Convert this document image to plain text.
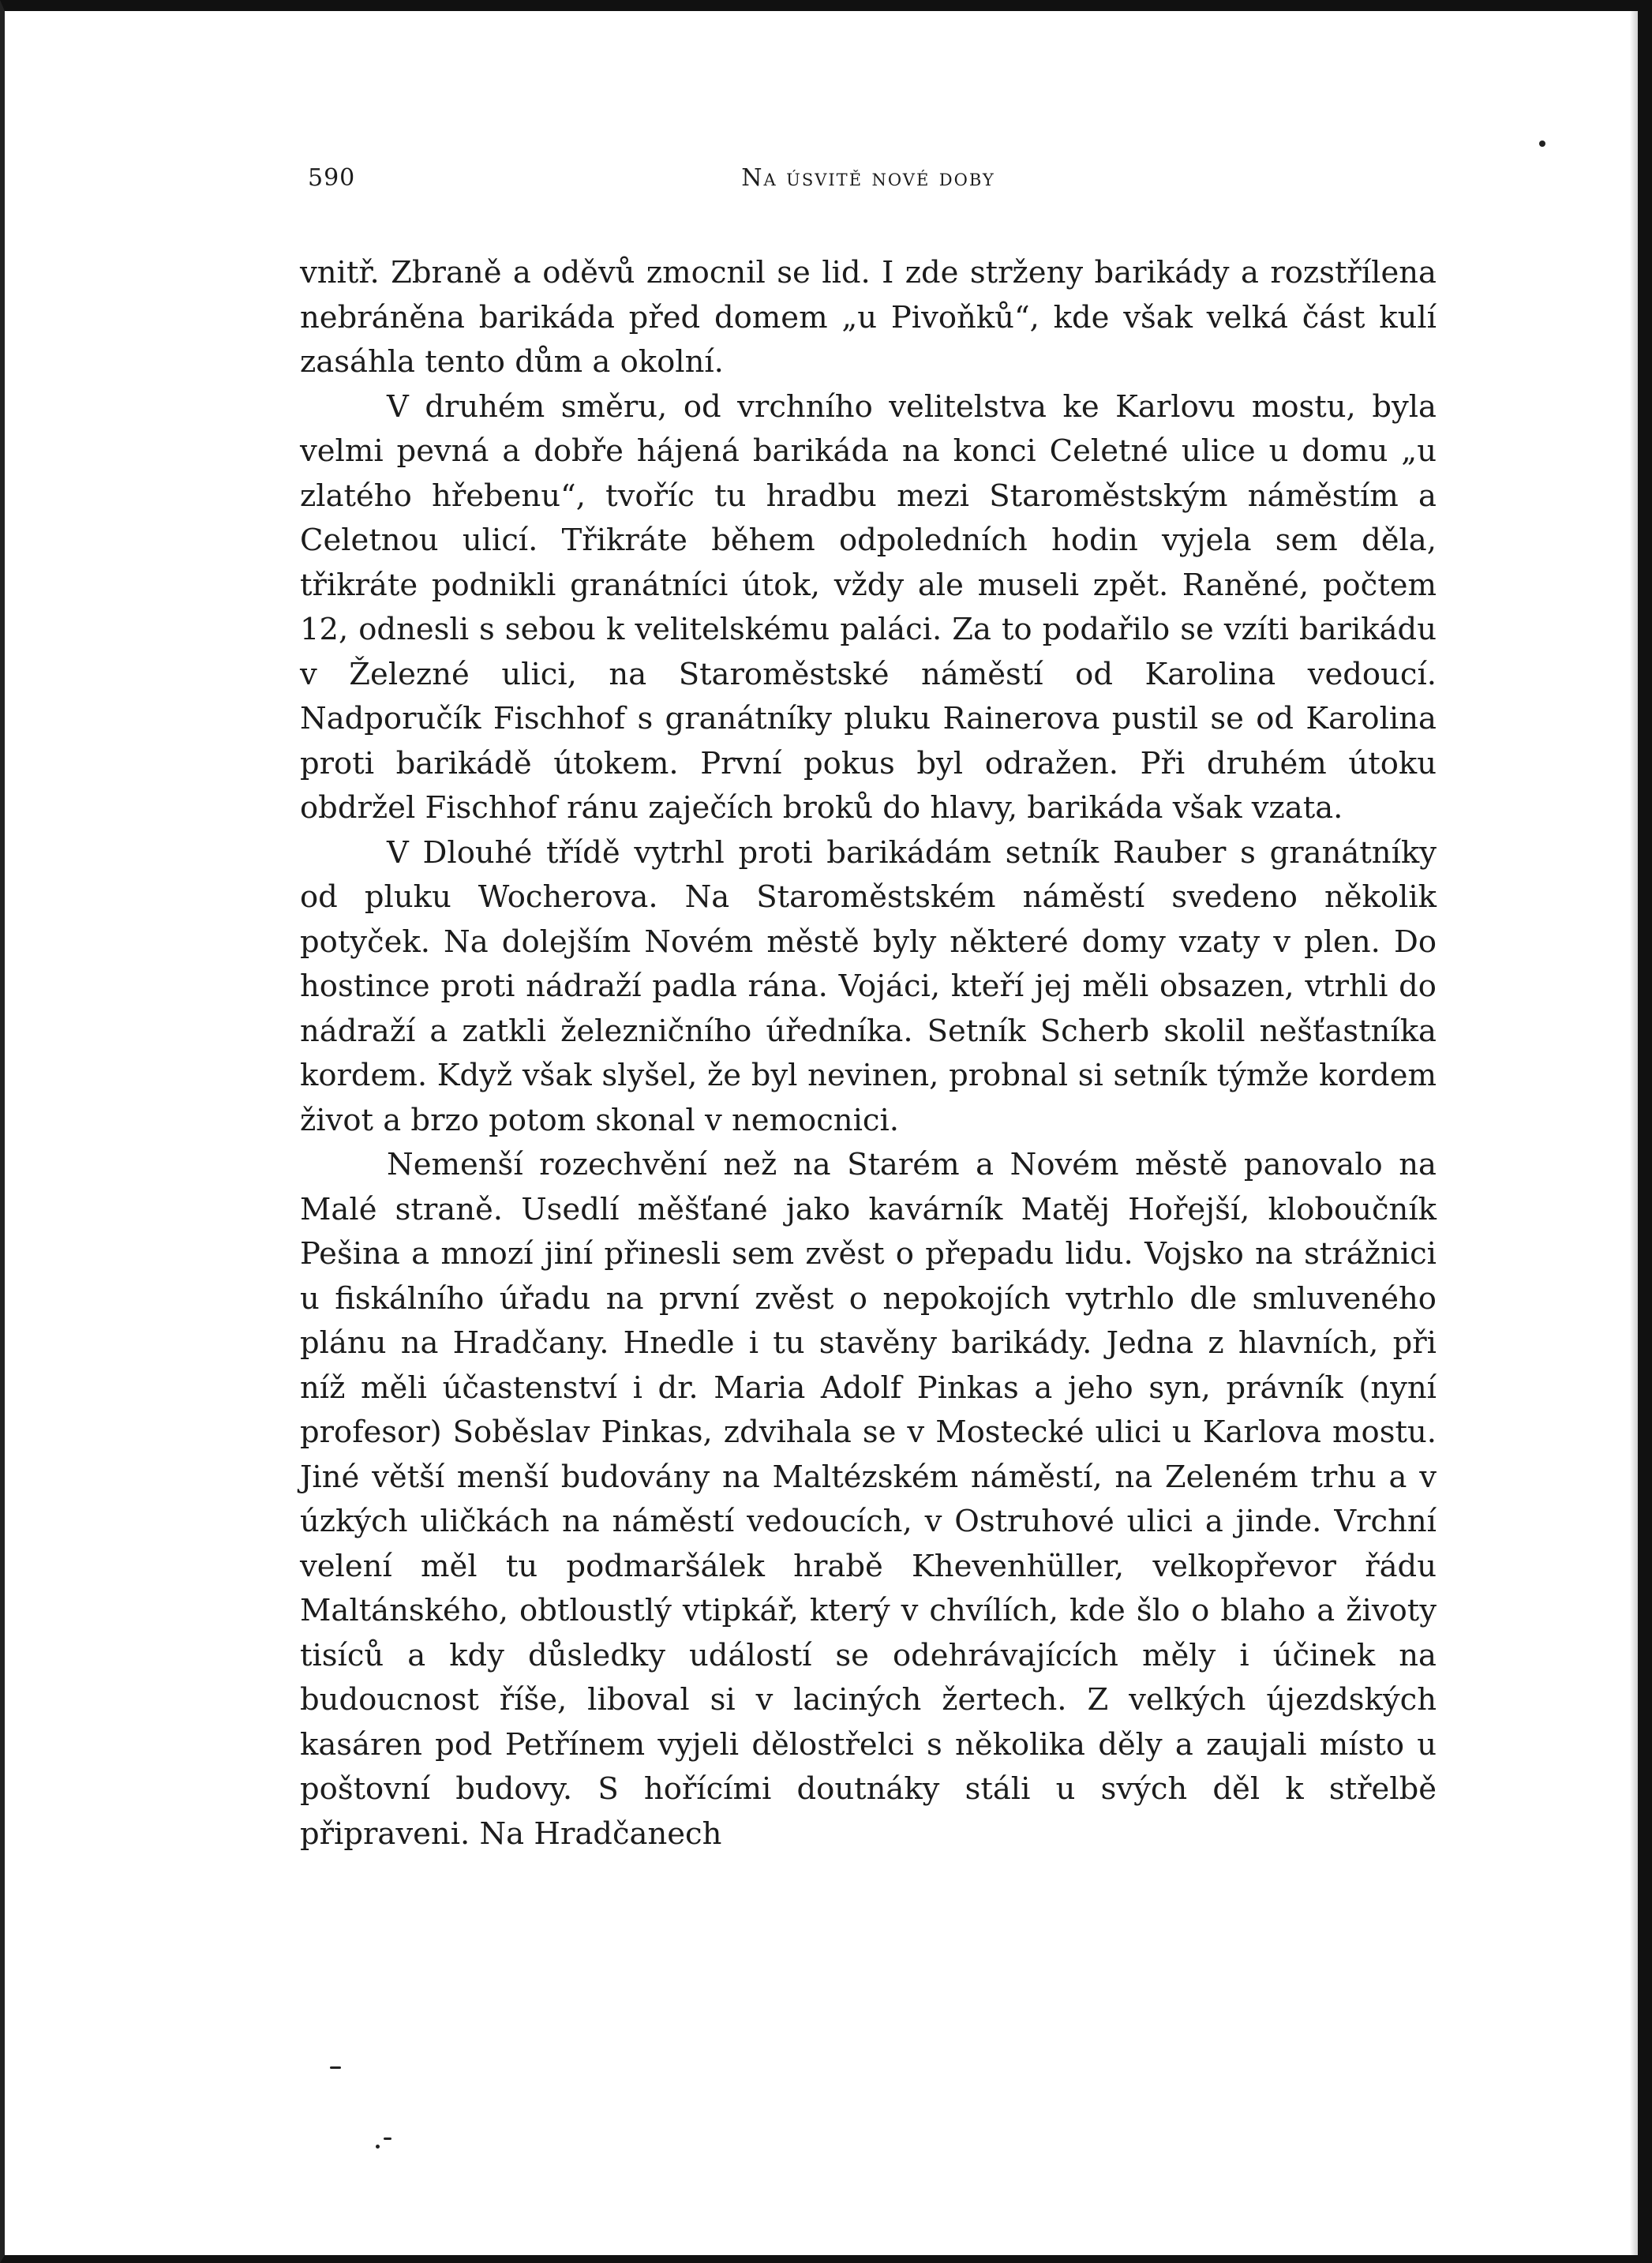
590	Na úsvitě nové doby

vnitř. Zbraně a oděvů zmocnil se lid. I zde strženy barikády a rozstřílena nebráněna barikáda před domem „u Pivoňků“, kde však velká část kulí zasáhla tento dům a okolní.

V druhém směru, od vrchního velitelstva ke Karlovu mostu, byla velmi pevná a dobře hájená barikáda na konci Celetné ulice u domu „u zlatého hřebenu“, tvoříc tu hradbu mezi Staroměstským náměstím a Celetnou ulicí. Třikráte během odpoledních hodin vyjela sem děla, třikráte podnikli granátníci útok, vždy ale museli zpět. Raněné, počtem 12, odnesli s sebou k velitelskému paláci. Za to podařilo se vzíti barikádu v Železné ulici, na Staroměstské náměstí od Karolina vedoucí. Nadporučík Fischhof s granátníky pluku Rainerova pustil se od Karolina proti barikádě útokem. První pokus byl odražen. Při druhém útoku obdržel Fischhof ránu zaječích broků do hlavy, barikáda však vzata.

V Dlouhé třídě vytrhl proti barikádám setník Rauber s granátníky od pluku Wocherova. Na Staroměstském náměstí svedeno několik potyček. Na dolejším Novém městě byly některé domy vzaty v plen. Do hostince proti nádraží padla rána. Vojáci, kteří jej měli obsazen, vtrhli do nádraží a zatkli železničního úředníka. Setník Scherb skolil nešťastníka kordem. Když však slyšel, že byl nevinen, probnal si setník týmže kordem život a brzo potom skonal v nemocnici.

Nemenší rozechvění než na Starém a Novém městě panovalo na Malé straně. Usedlí měšťané jako kavárník Matěj Hořejší, kloboučník Pešina a mnozí jiní přinesli sem zvěst o přepadu lidu. Vojsko na strážnici u fiskálního úřadu na první zvěst o nepokojích vytrhlo dle smluveného plánu na Hradčany. Hnedle i tu stavěny barikády. Jedna z hlavních, při níž měli účastenství i dr. Maria Adolf Pinkas a jeho syn, právník (nyní profesor) Soběslav Pinkas, zdvihala se v Mostecké ulici u Karlova mostu. Jiné větší menší budovány na Maltézském náměstí, na Zeleném trhu a v úzkých uličkách na náměstí vedoucích, v Ostruhové ulici a jinde. Vrchní velení měl tu podmaršálek hrabě Khevenhüller, velkopřevor řádu Maltánského, obtloustlý vtipkář, který v chvílích, kde šlo o blaho a životy tisíců a kdy důsledky událostí se odehrávajících měly i účinek na budoucnost říše, liboval si v laciných žertech. Z velkých újezdských kasáren pod Petřínem vyjeli dělostřelci s několika děly a zaujali místo u poštovní budovy. S hořícími doutnáky stáli u svých děl k střelbě připraveni. Na Hradčanech
